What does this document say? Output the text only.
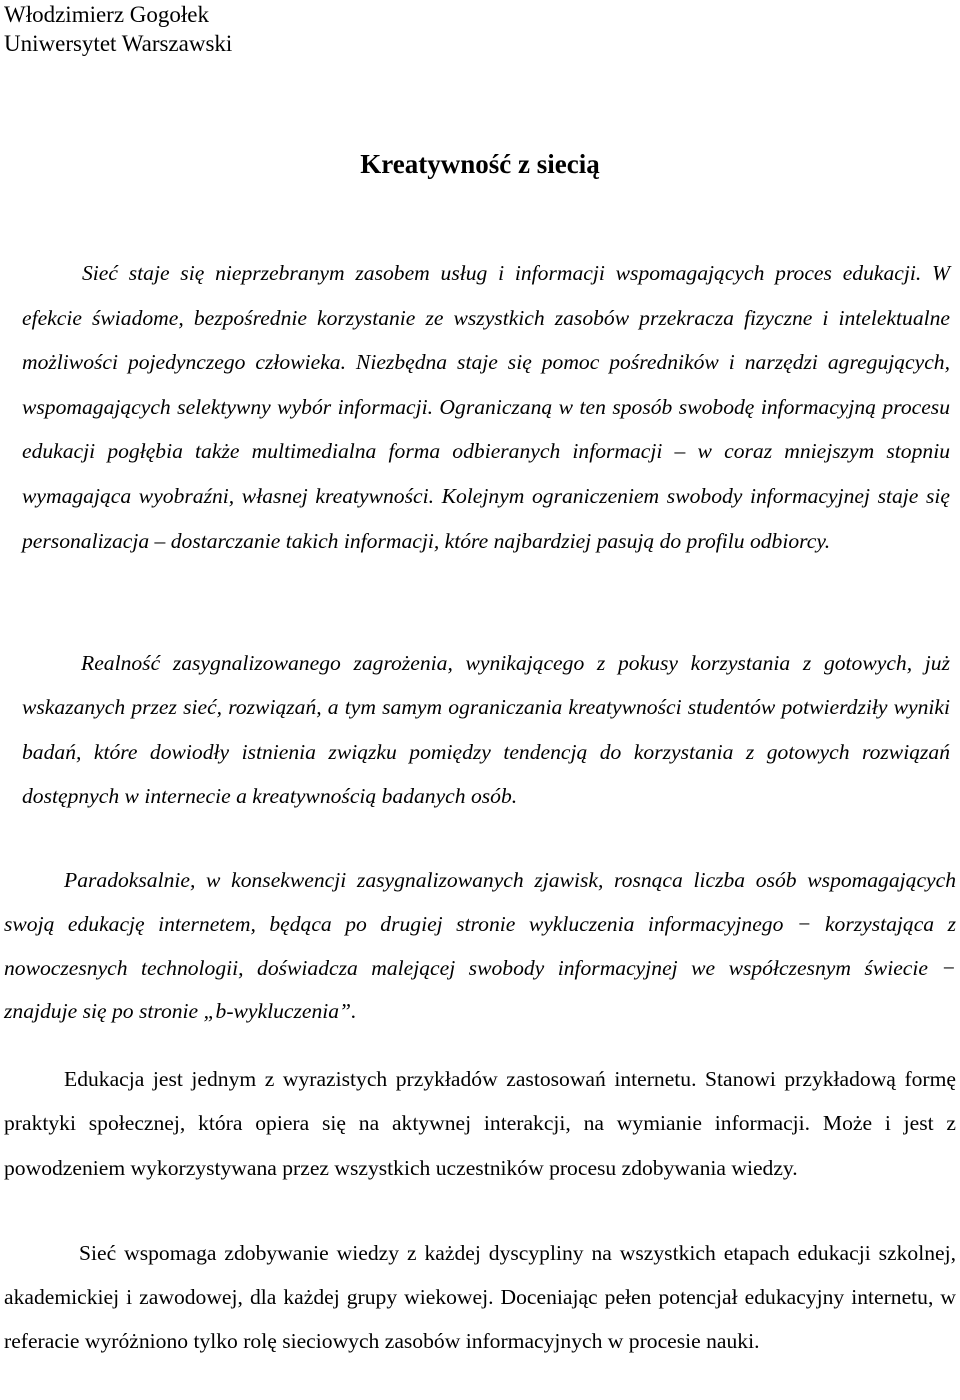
Włodzimierz Gogołek
Uniwersytet Warszawski
Kreatywność z siecią

Sieć staje się nieprzebranym zasobem usług i informacji wspomagających proces edukacji. W efekcie świadome, bezpośrednie korzystanie ze wszystkich zasobów przekracza fizyczne i intelektualne możliwości pojedynczego człowieka. Niezbędna staje się pomoc pośredników i narzędzi agregujących, wspomagających selektywny wybór informacji. Ograniczaną w ten sposób swobodę informacyjną procesu edukacji pogłębia także multimedialna forma odbieranych informacji – w coraz mniejszym stopniu wymagająca wyobraźni, własnej kreatywności. Kolejnym ograniczeniem swobody informacyjnej staje się personalizacja – dostarczanie takich informacji, które najbardziej pasują do profilu odbiorcy.

Realność zasygnalizowanego zagrożenia, wynikającego z pokusy korzystania z gotowych, już wskazanych przez sieć, rozwiązań, a tym samym ograniczania kreatywności studentów potwierdziły wyniki badań, które dowiodły istnienia związku pomiędzy tendencją do korzystania z gotowych rozwiązań dostępnych w internecie a kreatywnością badanych osób.

Paradoksalnie, w konsekwencji zasygnalizowanych zjawisk, rosnąca liczba osób wspomagających swoją edukację internetem, będąca po drugiej stronie wykluczenia informacyjnego − korzystająca z nowoczesnych technologii, doświadcza malejącej swobody informacyjnej we współczesnym świecie − znajduje się po stronie „b-wykluczenia”.

Edukacja jest jednym z wyrazistych przykładów zastosowań internetu. Stanowi przykładową formę praktyki społecznej, która opiera się na aktywnej interakcji, na wymianie informacji. Może i jest z powodzeniem wykorzystywana przez wszystkich uczestników procesu zdobywania wiedzy.

Sieć wspomaga zdobywanie wiedzy z każdej dyscypliny na wszystkich etapach edukacji szkolnej, akademickiej i zawodowej, dla każdej grupy wiekowej. Doceniając pełen potencjał edukacyjny internetu, w referacie wyróżniono tylko rolę sieciowych zasobów informacyjnych w procesie nauki.
